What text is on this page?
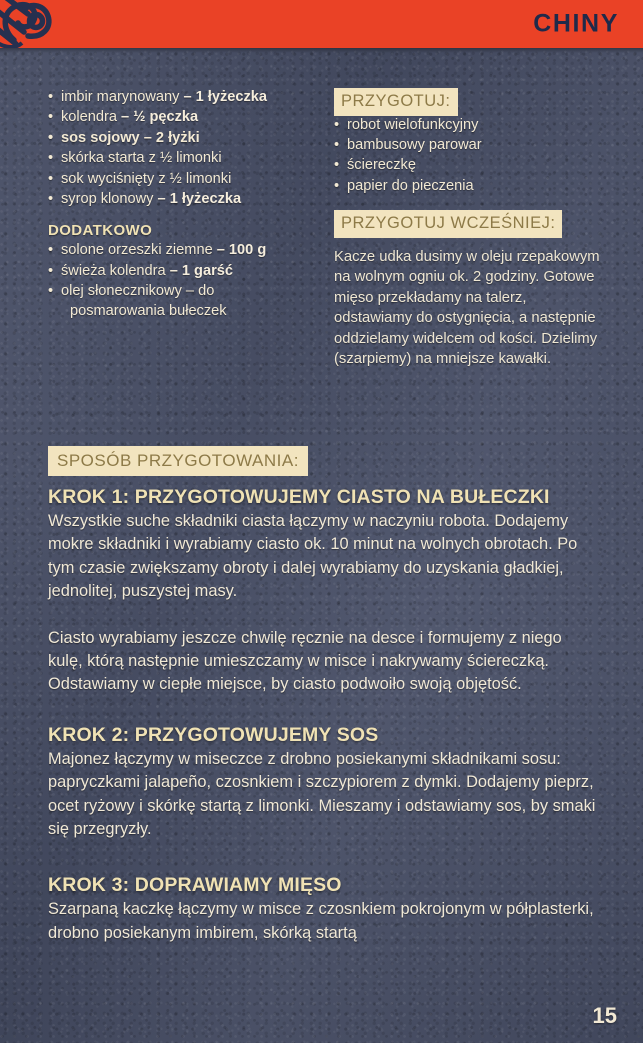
CHINY
• imbir marynowany – 1 łyżeczka
• kolendra – ½ pęczka
• sos sojowy – 2 łyżki
• skórka starta z ½ limonki
• sok wyciśnięty z ½ limonki
• syrop klonowy – 1 łyżeczka
DODATKOWO
• solone orzeszki ziemne – 100 g
• świeża kolendra – 1 garść
• olej słonecznikowy – do
posmarowania bułeczek
PRZYGOTUJ:
• robot wielofunkcyjny
• bambusowy parowar
• ściereczkę
• papier do pieczenia
PRZYGOTUJ WCZEŚNIEJ:

Kacze udka dusimy w oleju rzepakowym na wolnym ogniu ok. 2 godziny. Gotowe mięso przekładamy na talerz, odstawiamy do ostygnięcia, a następnie oddzielamy widelcem od kości. Dzielimy (szarpiemy) na mniejsze kawałki.

SPOSÓB PRZYGOTOWANIA:
KROK 1: PRZYGOTOWUJEMY CIASTO NA BUŁECZKI

Wszystkie suche składniki ciasta łączymy w naczyniu robota. Dodajemy mokre składniki i wyrabiamy ciasto ok. 10 minut na wolnych obrotach. Po tym czasie zwiększamy obroty i dalej wyrabiamy do uzyskania gładkiej, jednolitej, puszystej masy.

Ciasto wyrabiamy jeszcze chwilę ręcznie na desce i formujemy z niego kulę, którą następnie umieszczamy w misce i nakrywamy ściereczką. Odstawiamy w ciepłe miejsce, by ciasto podwoiło swoją objętość.

KROK 2: PRZYGOTOWUJEMY SOS

Majonez łączymy w miseczce z drobno posiekanymi składnikami sosu: papryczkami jalapeño, czosnkiem i szczypiorem z dymki. Dodajemy pieprz, ocet ryżowy i skórkę startą z limonki. Mieszamy i odstawiamy sos, by smaki się przegryzły.

KROK 3: DOPRAWIAMY MIĘSO

Szarpaną kaczkę łączymy w misce z czosnkiem pokrojonym w półplasterki, drobno posiekanym imbirem, skórką startą

15
